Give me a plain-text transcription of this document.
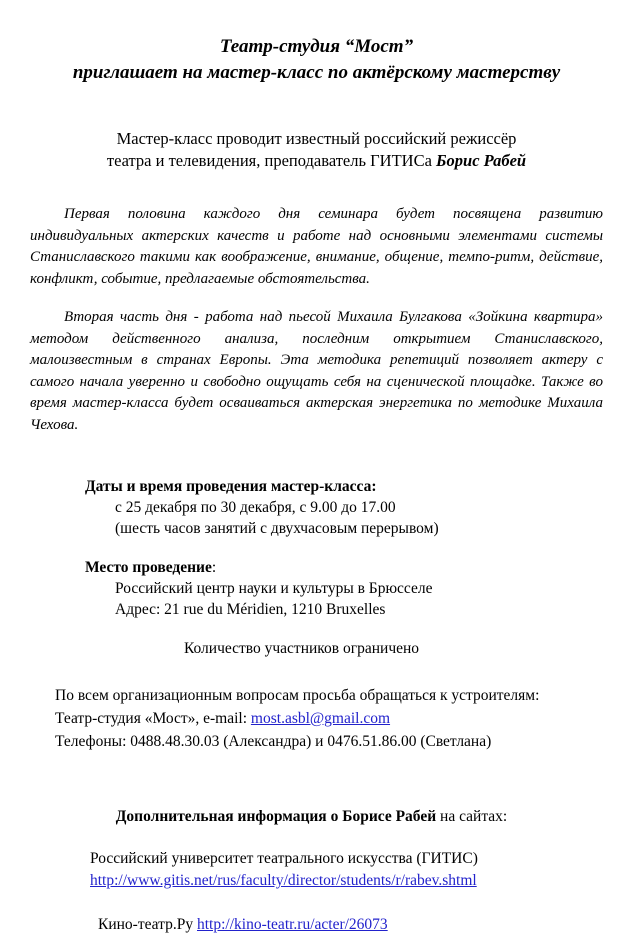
Театр-студия “Мост”
приглашает на мастер-класс по актёрскому мастерству
Мастер-класс проводит известный российский режиссёр
театра и телевидения, преподаватель ГИТИСа Борис Рабей

Первая половина каждого дня семинара будет посвящена развитию индивидуальных актерских качеств и работе над основными элементами системы Станиславского такими как воображение, внимание, общение, темпо-ритм, действие, конфликт, событие, предлагаемые обстоятельства.

Вторая часть дня - работа над пьесой Михаила Булгакова «Зойкина квартира» методом действенного анализа, последним открытием Станиславского, малоизвестным в странах Европы. Эта методика репетиций позволяет актеру с самого начала уверенно и свободно ощущать себя на сценической площадке. Также во время мастер-класса будет осваиваться актерская энергетика по методике Михаила Чехова.

Даты и время проведения мастер-класса:
с 25 декабря по 30 декабря, с 9.00 до 17.00
(шесть часов занятий с двухчасовым перерывом)
Место проведение:
Российский центр науки и культуры в Брюсселе
Адрес: 21 rue du Méridien, 1210 Bruxelles
Количество участников ограничено
По всем организационным вопросам просьба обращаться к устроителям:
Театр-студия «Мост», e-mail: most.asbl@gmail.com
Телефоны: 0488.48.30.03 (Александра) и 0476.51.86.00 (Светлана)
Дополнительная информация о Борисе Рабей на сайтах:
Российский университет театрального искусства (ГИТИС)
http://www.gitis.net/rus/faculty/director/students/r/rabev.shtml
Кино-театр.Ру http://kino-teatr.ru/acter/26073
